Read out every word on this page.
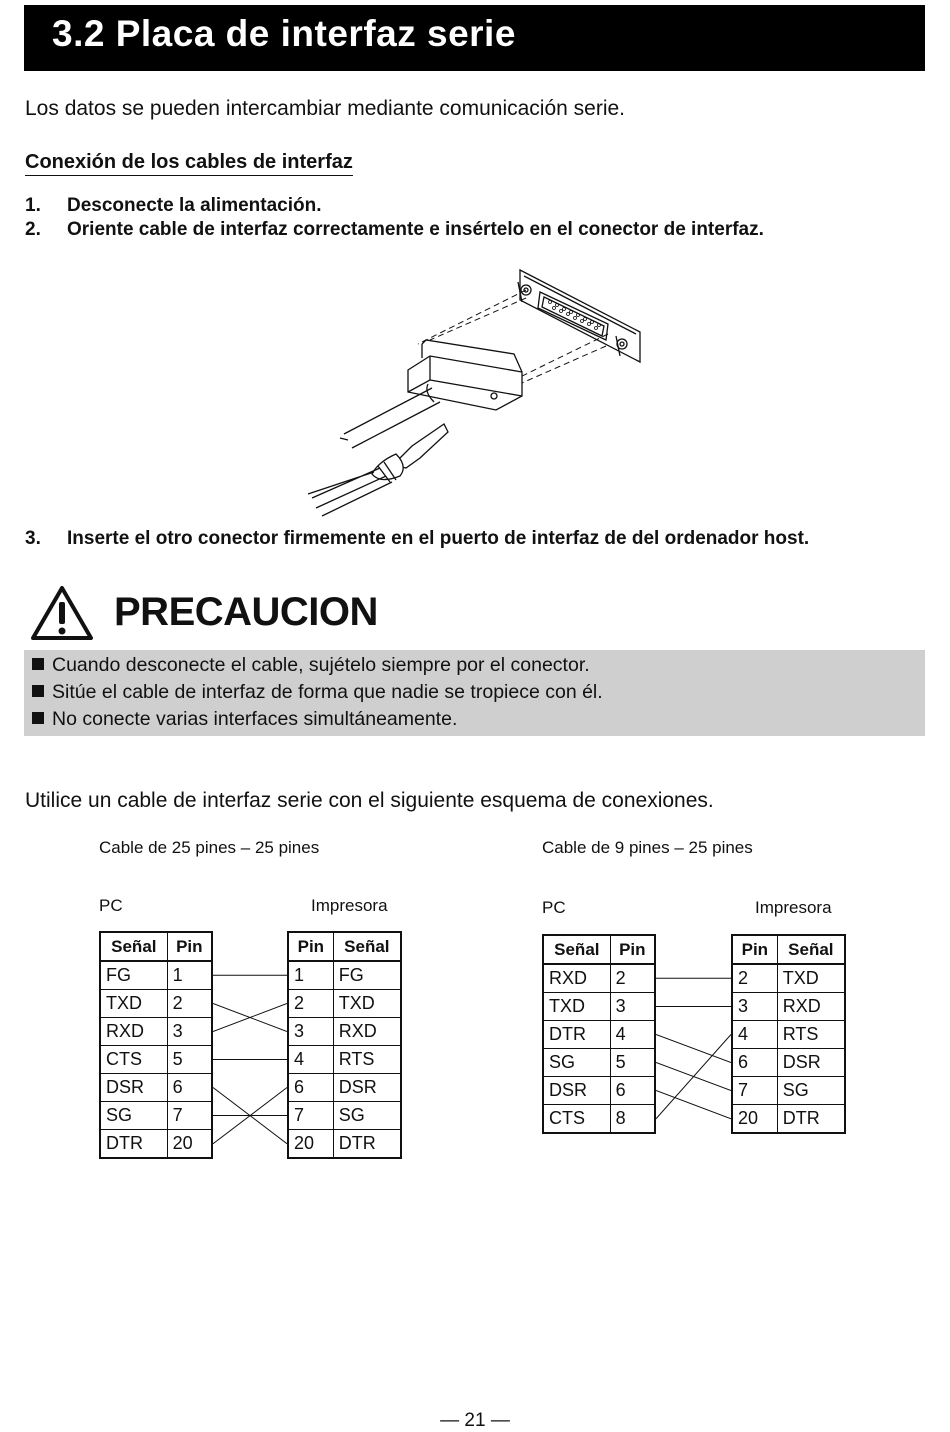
3.2 Placa de interfaz serie
Los datos se pueden intercambiar mediante comunicación serie.
Conexión de los cables de interfaz
1. Desconecte la alimentación.
2. Oriente cable de interfaz correctamente e insértelo en el conector de interfaz.
3. Inserte el otro conector firmemente en el puerto de interfaz de del ordenador host.
PRECAUCION
Cuando desconecte el cable, sujételo siempre por el conector.
Sitúe el cable de interfaz de forma que nadie se tropiece con él.
No conecte varias interfaces simultáneamente.
Utilice un cable de interfaz serie con el siguiente esquema de conexiones.
Cable de 25 pines – 25 pines
PC	Impresora
Señal	Pin
FG	1
TXD	2
RXD	3
CTS	5
DSR	6
SG	7
DTR	20
Pin	Señal
1	FG
2	TXD
3	RXD
4	RTS
6	DSR
7	SG
20	DTR
Cable de 9 pines – 25 pines
PC	Impresora
Señal	Pin
RXD	2
TXD	3
DTR	4
SG	5
DSR	6
CTS	8
Pin	Señal
2	TXD
3	RXD
4	RTS
6	DSR
7	SG
20	DTR
— 21 —
